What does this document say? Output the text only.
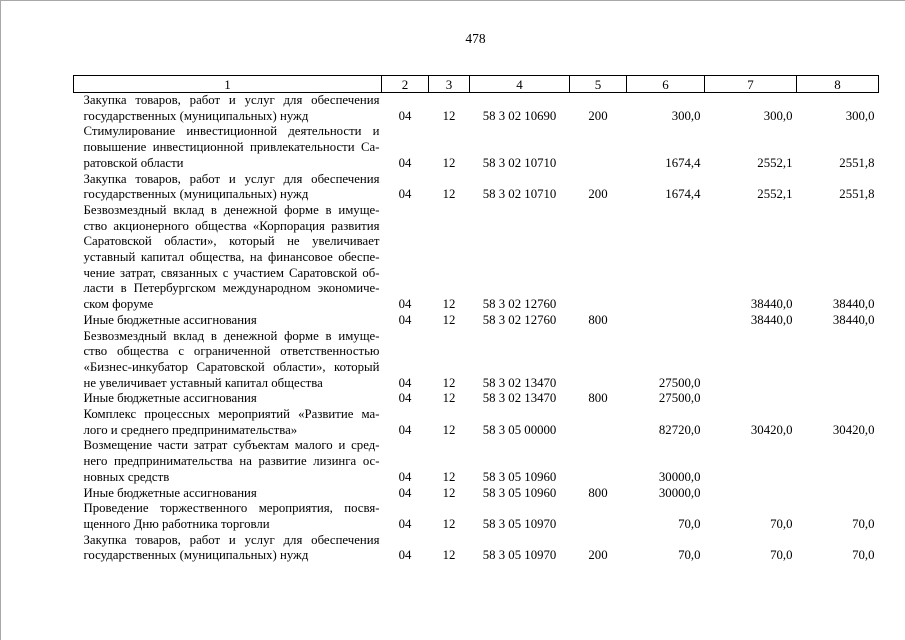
478
1	2	3	4	5	6	7	8

Закупка товаров, работ и услуг для обеспечения
государственных (муниципальных) нужд	04	12	58 3 02 10690	200	300,0	300,0	300,0

Стимулирование инвестиционной деятельности и
повышение инвестиционной привлекательности Са-
ратовской области	04	12	58 3 02 10710		1674,4	2552,1	2551,8

Закупка товаров, работ и услуг для обеспечения
государственных (муниципальных) нужд	04	12	58 3 02 10710	200	1674,4	2552,1	2551,8

Безвозмездный вклад в денежной форме в имуще-
ство акционерного общества «Корпорация развития
Саратовской области», который не увеличивает
уставный капитал общества, на финансовое обеспе-
чение затрат, связанных с участием Саратовской об-
ласти в Петербургском международном экономиче-
ском форуме	04	12	58 3 02 12760			38440,0	38440,0

Иные бюджетные ассигнования	04	12	58 3 02 12760	800		38440,0	38440,0

Безвозмездный вклад в денежной форме в имуще-
ство общества с ограниченной ответственностью
«Бизнес-инкубатор Саратовской области», который
не увеличивает уставный капитал общества	04	12	58 3 02 13470		27500,0		

Иные бюджетные ассигнования	04	12	58 3 02 13470	800	27500,0		

Комплекс процессных мероприятий «Развитие ма-
лого и среднего предпринимательства»	04	12	58 3 05 00000		82720,0	30420,0	30420,0

Возмещение части затрат субъектам малого и сред-
него предпринимательства на развитие лизинга ос-
новных средств	04	12	58 3 05 10960		30000,0		

Иные бюджетные ассигнования	04	12	58 3 05 10960	800	30000,0		

Проведение торжественного мероприятия, посвя-
щенного Дню работника торговли	04	12	58 3 05 10970		70,0	70,0	70,0

Закупка товаров, работ и услуг для обеспечения
государственных (муниципальных) нужд	04	12	58 3 05 10970	200	70,0	70,0	70,0
